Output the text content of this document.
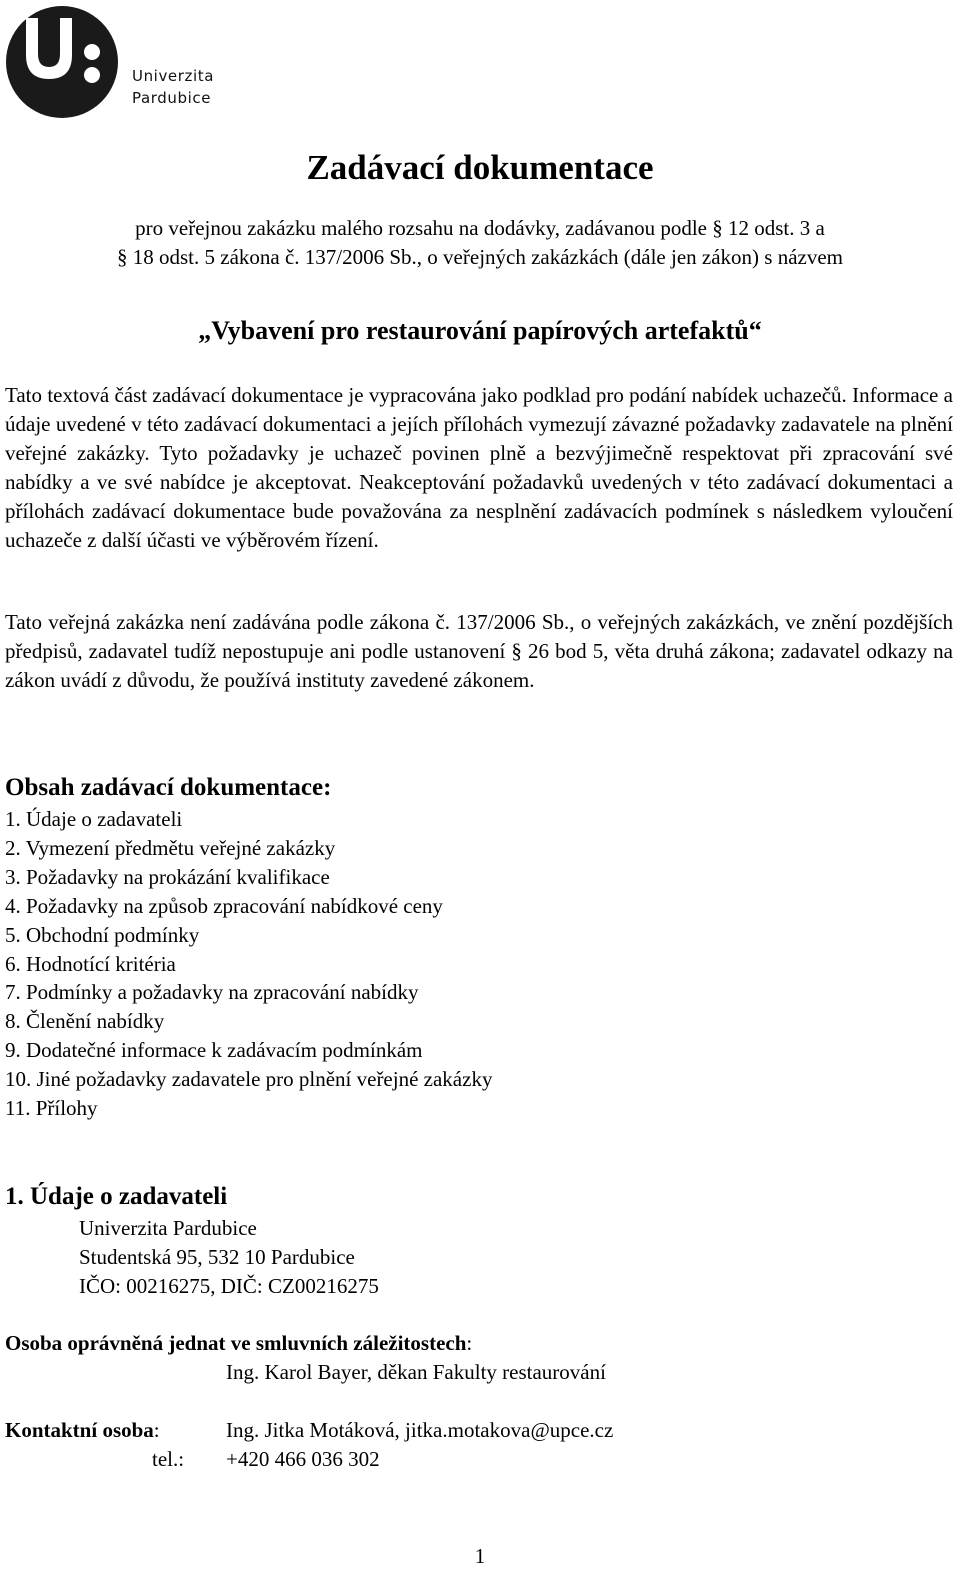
Univerzita
Pardubice
Zadávací dokumentace
pro veřejnou zakázku malého rozsahu na dodávky, zadávanou podle § 12 odst. 3 a
§ 18 odst. 5 zákona č. 137/2006 Sb., o veřejných zakázkách (dále jen zákon) s názvem
„Vybavení pro restaurování papírových artefaktů“

Tato textová část zadávací dokumentace je vypracována jako podklad pro podání nabídek uchazečů. Informace a údaje uvedené v této zadávací dokumentaci a jejích přílohách vymezují závazné požadavky zadavatele na plnění veřejné zakázky. Tyto požadavky je uchazeč povinen plně a bezvýjimečně respektovat při zpracování své nabídky a ve své nabídce je akceptovat. Neakceptování požadavků uvedených v této zadávací dokumentaci a přílohách zadávací dokumentace bude považována za nesplnění zadávacích podmínek s následkem vyloučení uchazeče z další účasti ve výběrovém řízení.

Tato veřejná zakázka není zadávána podle zákona č. 137/2006 Sb., o veřejných zakázkách, ve znění pozdějších předpisů, zadavatel tudíž nepostupuje ani podle ustanovení § 26 bod 5, věta druhá zákona; zadavatel odkazy na zákon uvádí z důvodu, že používá instituty zavedené zákonem.

Obsah zadávací dokumentace:
1. Údaje o zadavateli
2. Vymezení předmětu veřejné zakázky
3. Požadavky na prokázání kvalifikace
4. Požadavky na způsob zpracování nabídkové ceny
5. Obchodní podmínky
6. Hodnotící kritéria
7. Podmínky a požadavky na zpracování nabídky
8. Členění nabídky
9. Dodatečné informace k zadávacím podmínkám
10. Jiné požadavky zadavatele pro plnění veřejné zakázky
11. Přílohy
1. Údaje o zadavateli
Univerzita Pardubice
Studentská 95, 532 10 Pardubice
IČO: 00216275, DIČ: CZ00216275
Osoba oprávněná jednat ve smluvních záležitostech:
Ing. Karol Bayer, děkan Fakulty restaurování
Kontaktní osoba:	Ing. Jitka Motáková, jitka.motakova@upce.cz
tel.: +420 466 036 302
1
